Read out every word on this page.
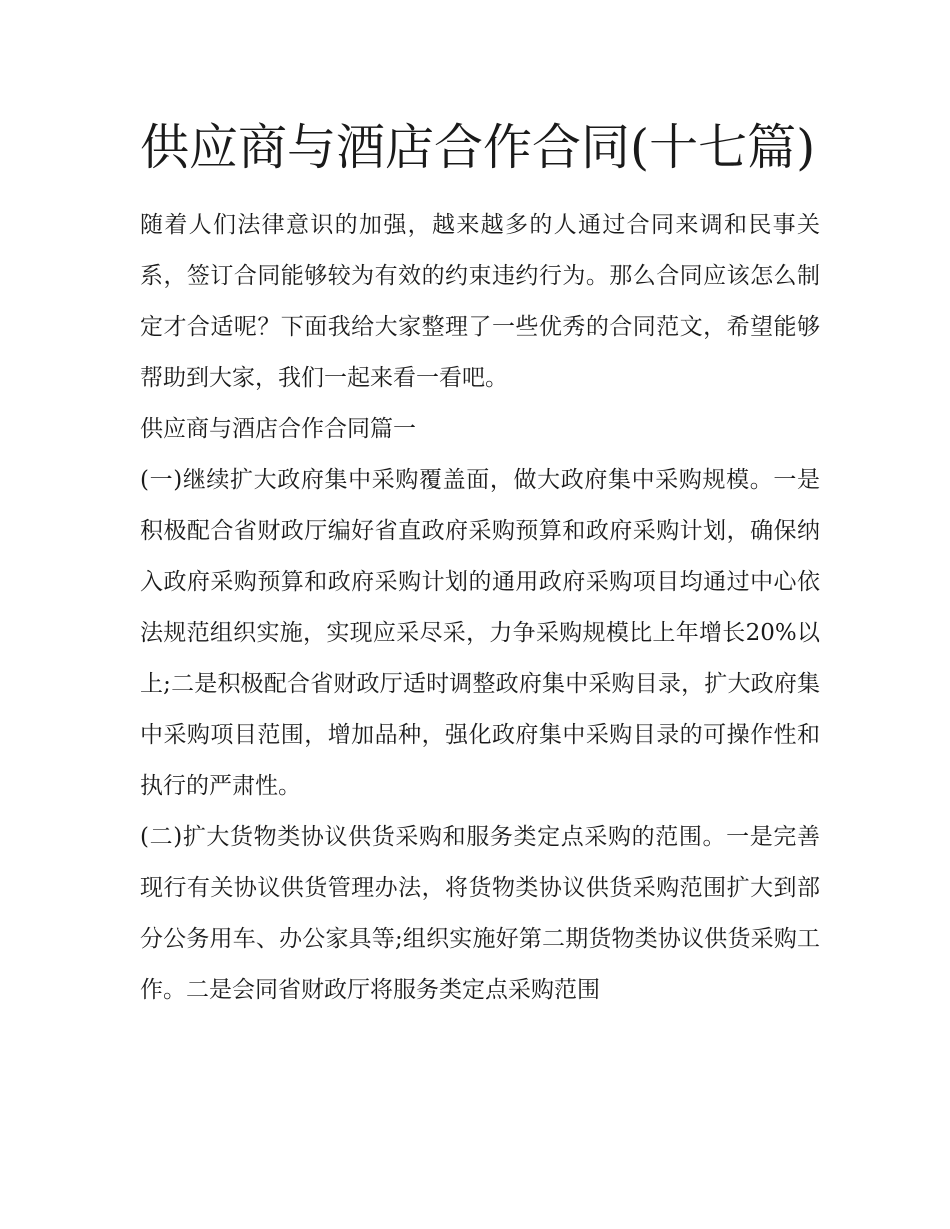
供应商与酒店合作合同(十七篇)

随着人们法律意识的加强，越来越多的人通过合同来调和民事关系，签订合同能够较为有效的约束违约行为。那么合同应该怎么制定才合适呢？下面我给大家整理了一些优秀的合同范文，希望能够帮助到大家，我们一起来看一看吧。

供应商与酒店合作合同篇一

(一)继续扩大政府集中采购覆盖面，做大政府集中采购规模。一是积极配合省财政厅编好省直政府采购预算和政府采购计划，确保纳入政府采购预算和政府采购计划的通用政府采购项目均通过中心依法规范组织实施，实现应采尽采，力争采购规模比上年增长20%以上;二是积极配合省财政厅适时调整政府集中采购目录，扩大政府集中采购项目范围，增加品种，强化政府集中采购目录的可操作性和执行的严肃性。

(二)扩大货物类协议供货采购和服务类定点采购的范围。一是完善现行有关协议供货管理办法，将货物类协议供货采购范围扩大到部分公务用车、办公家具等;组织实施好第二期货物类协议供货采购工作。二是会同省财政厅将服务类定点采购范围
